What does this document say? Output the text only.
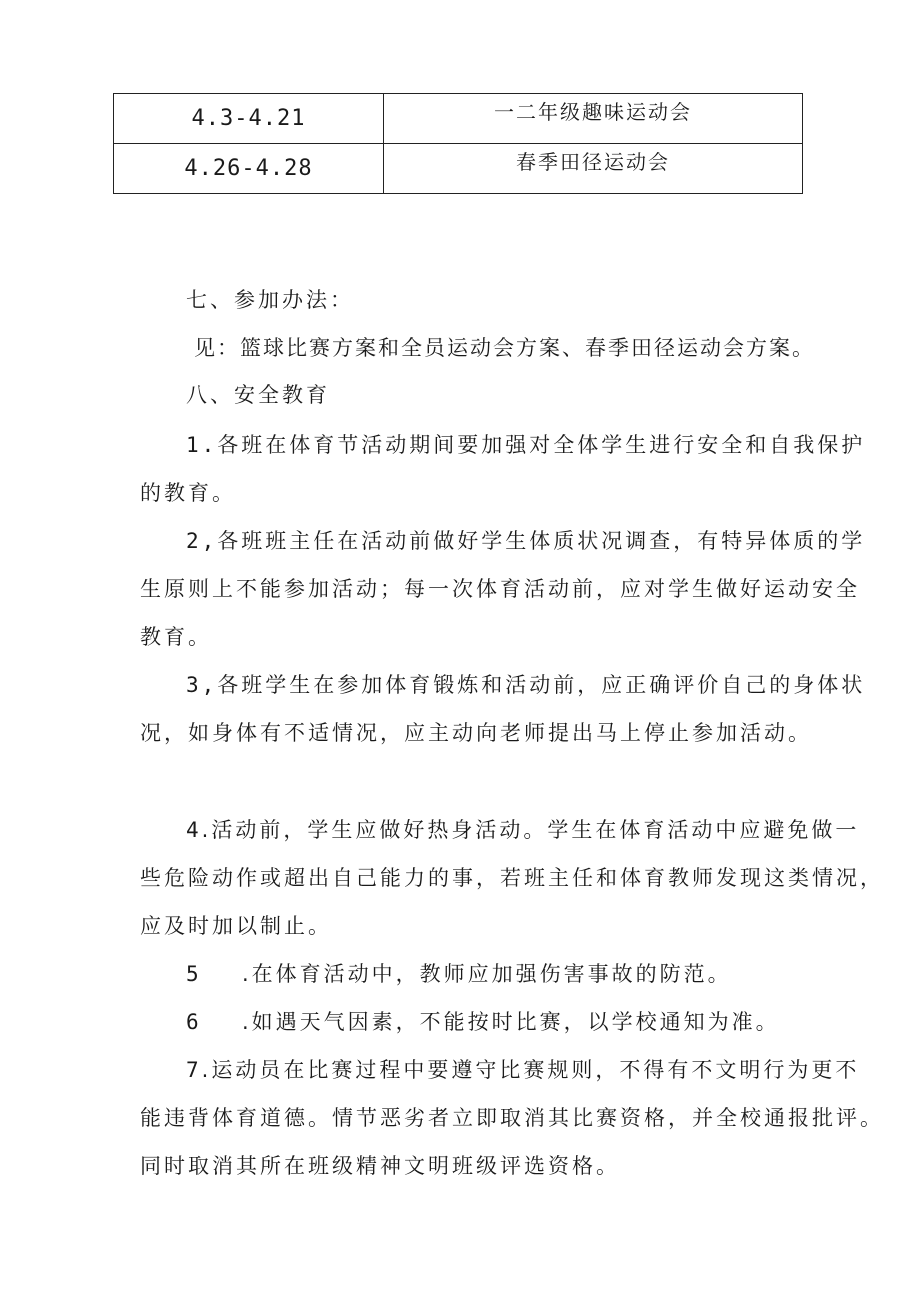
4.3-4.21	一二年级趣味运动会
4.26-4.28	春季田径运动会

七、参加办法：

见：篮球比赛方案和全员运动会方案、春季田径运动会方案。

八、安全教育

1.各班在体育节活动期间要加强对全体学生进行安全和自我保护

的教育。

2,各班班主任在活动前做好学生体质状况调查，有特异体质的学

生原则上不能参加活动；每一次体育活动前，应对学生做好运动安全

教育。

3,各班学生在参加体育锻炼和活动前，应正确评价自己的身体状

况，如身体有不适情况，应主动向老师提出马上停止参加活动。

4.活动前，学生应做好热身活动。学生在体育活动中应避免做一

些危险动作或超出自己能力的事，若班主任和体育教师发现这类情况，

应及时加以制止。

5 .在体育活动中，教师应加强伤害事故的防范。

6 .如遇天气因素，不能按时比赛，以学校通知为准。

7.运动员在比赛过程中要遵守比赛规则，不得有不文明行为更不

能违背体育道德。情节恶劣者立即取消其比赛资格，并全校通报批评。

同时取消其所在班级精神文明班级评选资格。
